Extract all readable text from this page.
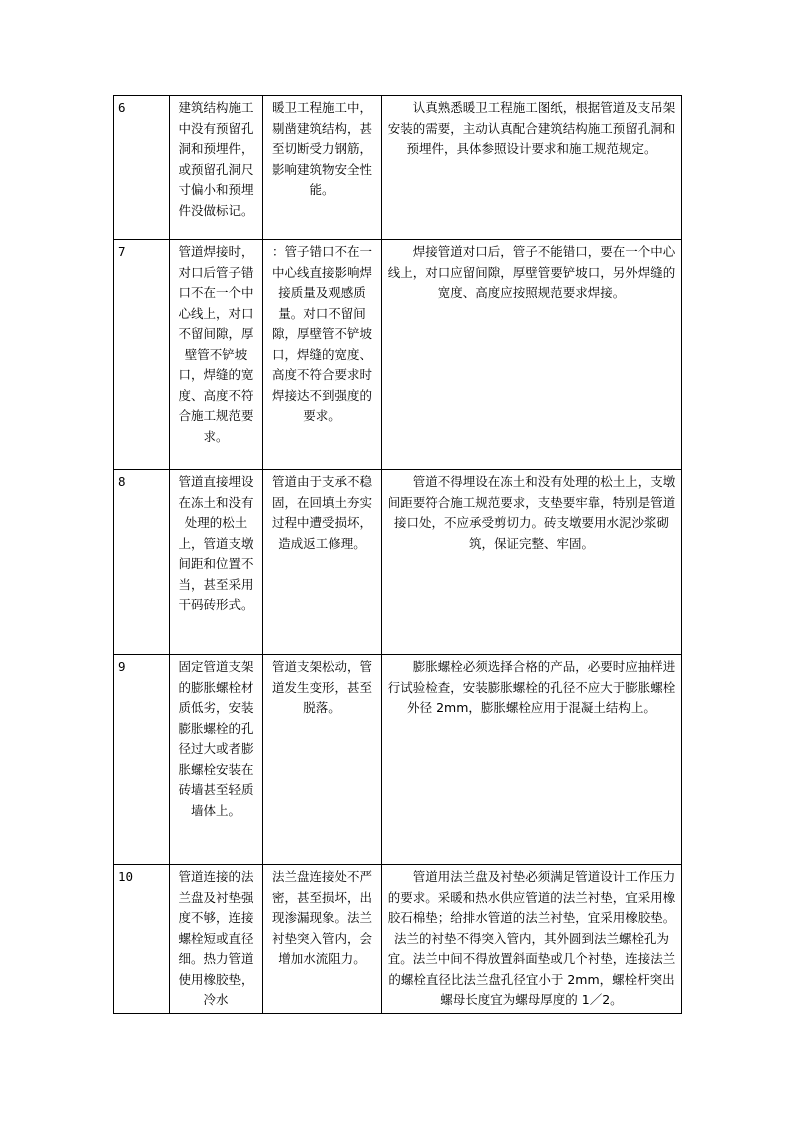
6	建筑结构施工中没有预留孔洞和预埋件，或预留孔洞尺寸偏小和预埋件没做标记。	暖卫工程施工中，剔凿建筑结构，甚至切断受力钢筋，影响建筑物安全性能。	认真熟悉暖卫工程施工图纸，根据管道及支吊架安装的需要，主动认真配合建筑结构施工预留孔洞和预埋件，具体参照设计要求和施工规范规定。

7	管道焊接时，对口后管子错口不在一个中心线上，对口不留间隙，厚壁管不铲坡口，焊缝的宽度、高度不符合施工规范要求。	：管子错口不在一中心线直接影响焊接质量及观感质量。对口不留间隙，厚壁管不铲坡口，焊缝的宽度、高度不符合要求时焊接达不到强度的要求。	焊接管道对口后，管子不能错口，要在一个中心线上，对口应留间隙，厚壁管要铲坡口，另外焊缝的宽度、高度应按照规范要求焊接。

8	管道直接埋设在冻土和没有处理的松土上，管道支墩间距和位置不当，甚至采用干码砖形式。	管道由于支承不稳固，在回填土夯实过程中遭受损坏，造成返工修理。	管道不得埋设在冻土和没有处理的松土上，支墩间距要符合施工规范要求，支垫要牢靠，特别是管道接口处，不应承受剪切力。砖支墩要用水泥沙浆砌筑，保证完整、牢固。

9	固定管道支架的膨胀螺栓材质低劣，安装膨胀螺栓的孔径过大或者膨胀螺栓安装在砖墙甚至轻质墙体上。	管道支架松动，管道发生变形，甚至脱落。	膨胀螺栓必须选择合格的产品，必要时应抽样进行试验检查，安装膨胀螺栓的孔径不应大于膨胀螺栓外径 2mm，膨胀螺栓应用于混凝土结构上。

10	管道连接的法兰盘及衬垫强度不够，连接螺栓短或直径细。热力管道使用橡胶垫，冷水	法兰盘连接处不严密，甚至损坏，出现渗漏现象。法兰衬垫突入管内，会增加水流阻力。	管道用法兰盘及衬垫必须满足管道设计工作压力的要求。采暖和热水供应管道的法兰衬垫，宜采用橡胶石棉垫；给排水管道的法兰衬垫，宜采用橡胶垫。法兰的衬垫不得突入管内，其外圆到法兰螺栓孔为宜。法兰中间不得放置斜面垫或几个衬垫，连接法兰的螺栓直径比法兰盘孔径宜小于 2mm，螺栓杆突出螺母长度宜为螺母厚度的 1／2。
